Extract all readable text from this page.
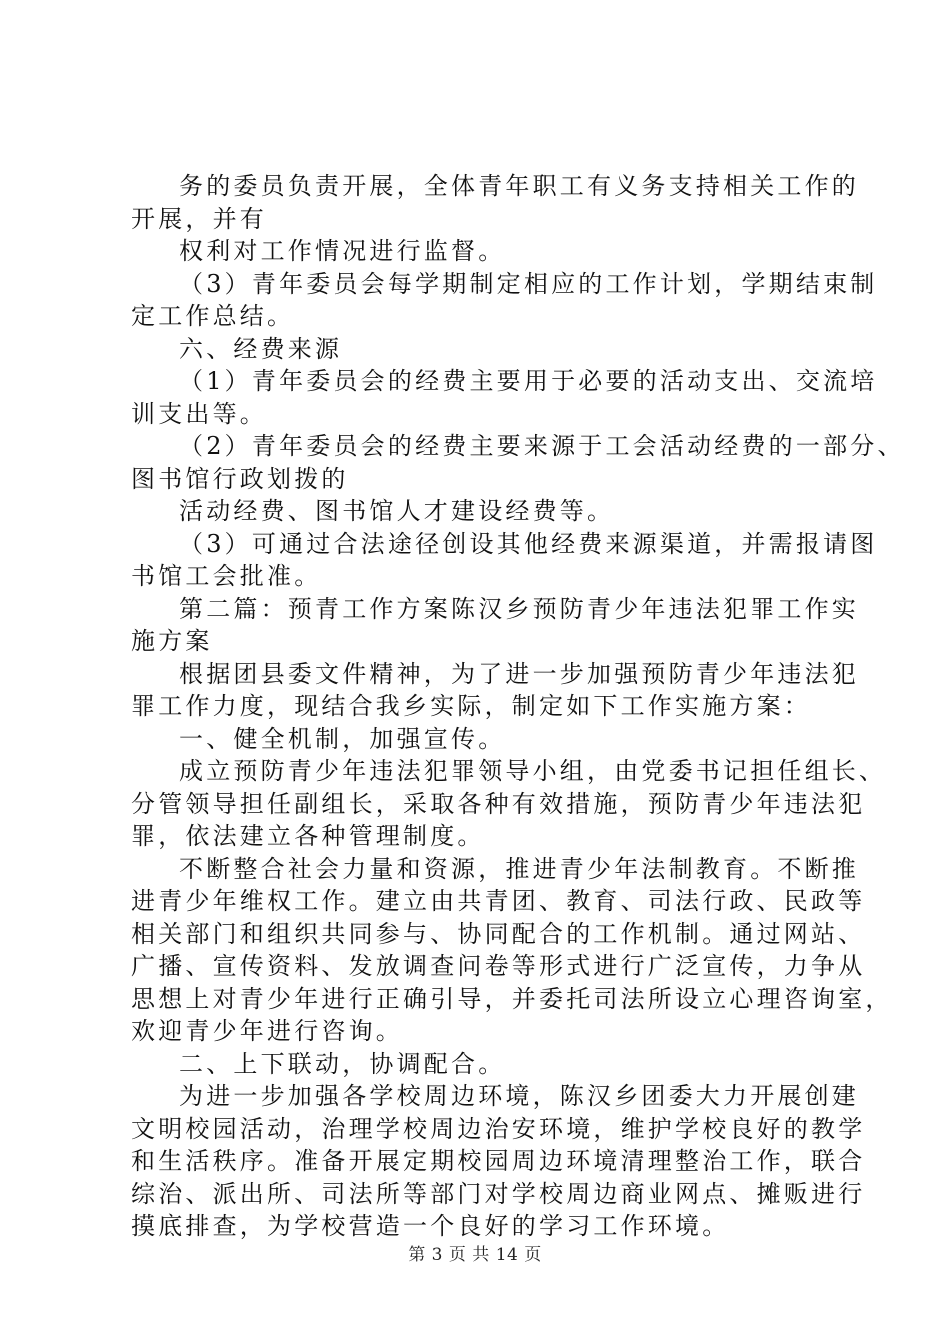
务的委员负责开展，全体青年职工有义务支持相关工作的
开展，并有
权利对工作情况进行监督。
（3）青年委员会每学期制定相应的工作计划，学期结束制
定工作总结。
六、经费来源
（1）青年委员会的经费主要用于必要的活动支出、交流培
训支出等。
（2）青年委员会的经费主要来源于工会活动经费的一部分、
图书馆行政划拨的
活动经费、图书馆人才建设经费等。
（3）可通过合法途径创设其他经费来源渠道，并需报请图
书馆工会批准。
第二篇：预青工作方案陈汉乡预防青少年违法犯罪工作实
施方案
根据团县委文件精神，为了进一步加强预防青少年违法犯
罪工作力度，现结合我乡实际，制定如下工作实施方案：
一、健全机制，加强宣传。
成立预防青少年违法犯罪领导小组，由党委书记担任组长、
分管领导担任副组长，采取各种有效措施，预防青少年违法犯
罪，依法建立各种管理制度。
不断整合社会力量和资源，推进青少年法制教育。不断推
进青少年维权工作。建立由共青团、教育、司法行政、民政等
相关部门和组织共同参与、协同配合的工作机制。通过网站、
广播、宣传资料、发放调查问卷等形式进行广泛宣传，力争从
思想上对青少年进行正确引导，并委托司法所设立心理咨询室，
欢迎青少年进行咨询。
二、上下联动，协调配合。
为进一步加强各学校周边环境，陈汉乡团委大力开展创建
文明校园活动，治理学校周边治安环境，维护学校良好的教学
和生活秩序。准备开展定期校园周边环境清理整治工作，联合
综治、派出所、司法所等部门对学校周边商业网点、摊贩进行
摸底排查，为学校营造一个良好的学习工作环境。
第 3 页 共 14 页
